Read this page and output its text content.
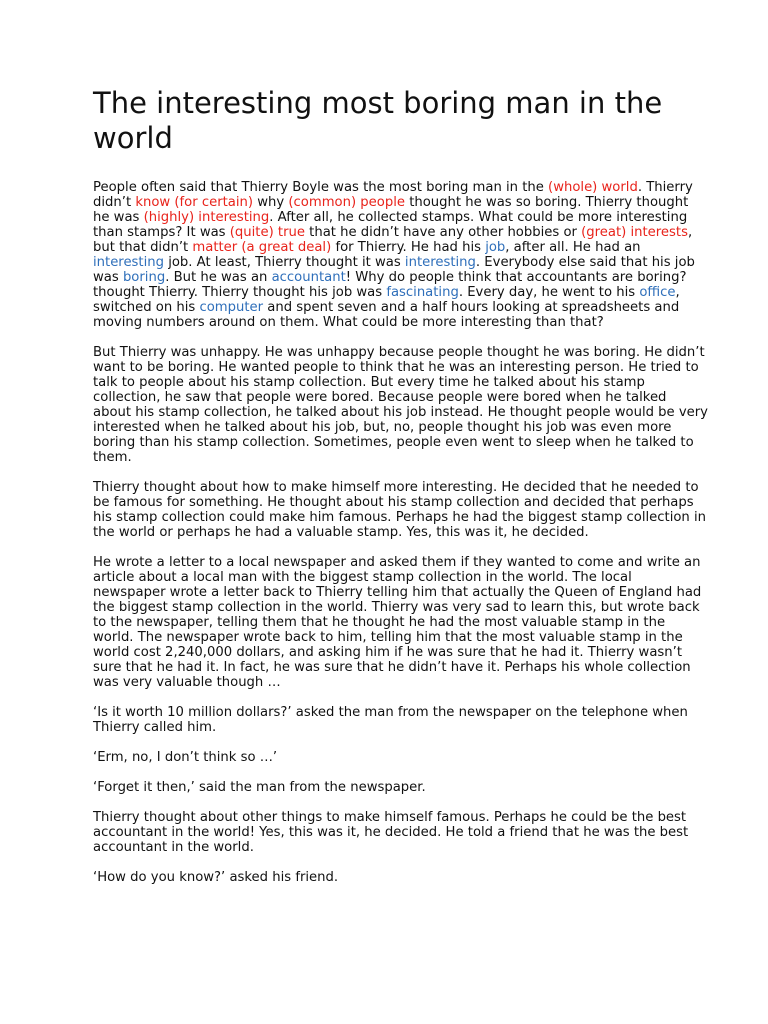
The interesting most boring man in the world

People often said that Thierry Boyle was the most boring man in the (whole) world. Thierry didn’t know (for certain) why (common) people thought he was so boring. Thierry thought he was (highly) interesting. After all, he collected stamps. What could be more interesting than stamps? It was (quite) true that he didn’t have any other hobbies or (great) interests, but that didn’t matter (a great deal) for Thierry. He had his job, after all. He had an interesting job. At least, Thierry thought it was interesting. Everybody else said that his job was boring. But he was an accountant! Why do people think that accountants are boring? thought Thierry. Thierry thought his job was fascinating. Every day, he went to his office, switched on his computer and spent seven and a half hours looking at spreadsheets and moving numbers around on them. What could be more interesting than that?

But Thierry was unhappy. He was unhappy because people thought he was boring. He didn’t want to be boring. He wanted people to think that he was an interesting person. He tried to talk to people about his stamp collection. But every time he talked about his stamp collection, he saw that people were bored. Because people were bored when he talked about his stamp collection, he talked about his job instead. He thought people would be very interested when he talked about his job, but, no, people thought his job was even more boring than his stamp collection. Sometimes, people even went to sleep when he talked to them.

Thierry thought about how to make himself more interesting. He decided that he needed to be famous for something. He thought about his stamp collection and decided that perhaps his stamp collection could make him famous. Perhaps he had the biggest stamp collection in the world or perhaps he had a valuable stamp. Yes, this was it, he decided.

He wrote a letter to a local newspaper and asked them if they wanted to come and write an article about a local man with the biggest stamp collection in the world. The local newspaper wrote a letter back to Thierry telling him that actually the Queen of England had the biggest stamp collection in the world. Thierry was very sad to learn this, but wrote back to the newspaper, telling them that he thought he had the most valuable stamp in the world. The newspaper wrote back to him, telling him that the most valuable stamp in the world cost 2,240,000 dollars, and asking him if he was sure that he had it. Thierry wasn’t sure that he had it. In fact, he was sure that he didn’t have it. Perhaps his whole collection was very valuable though …

‘Is it worth 10 million dollars?’ asked the man from the newspaper on the telephone when Thierry called him.

‘Erm, no, I don’t think so …’

‘Forget it then,’ said the man from the newspaper.

Thierry thought about other things to make himself famous. Perhaps he could be the best accountant in the world! Yes, this was it, he decided. He told a friend that he was the best accountant in the world.

‘How do you know?’ asked his friend.
